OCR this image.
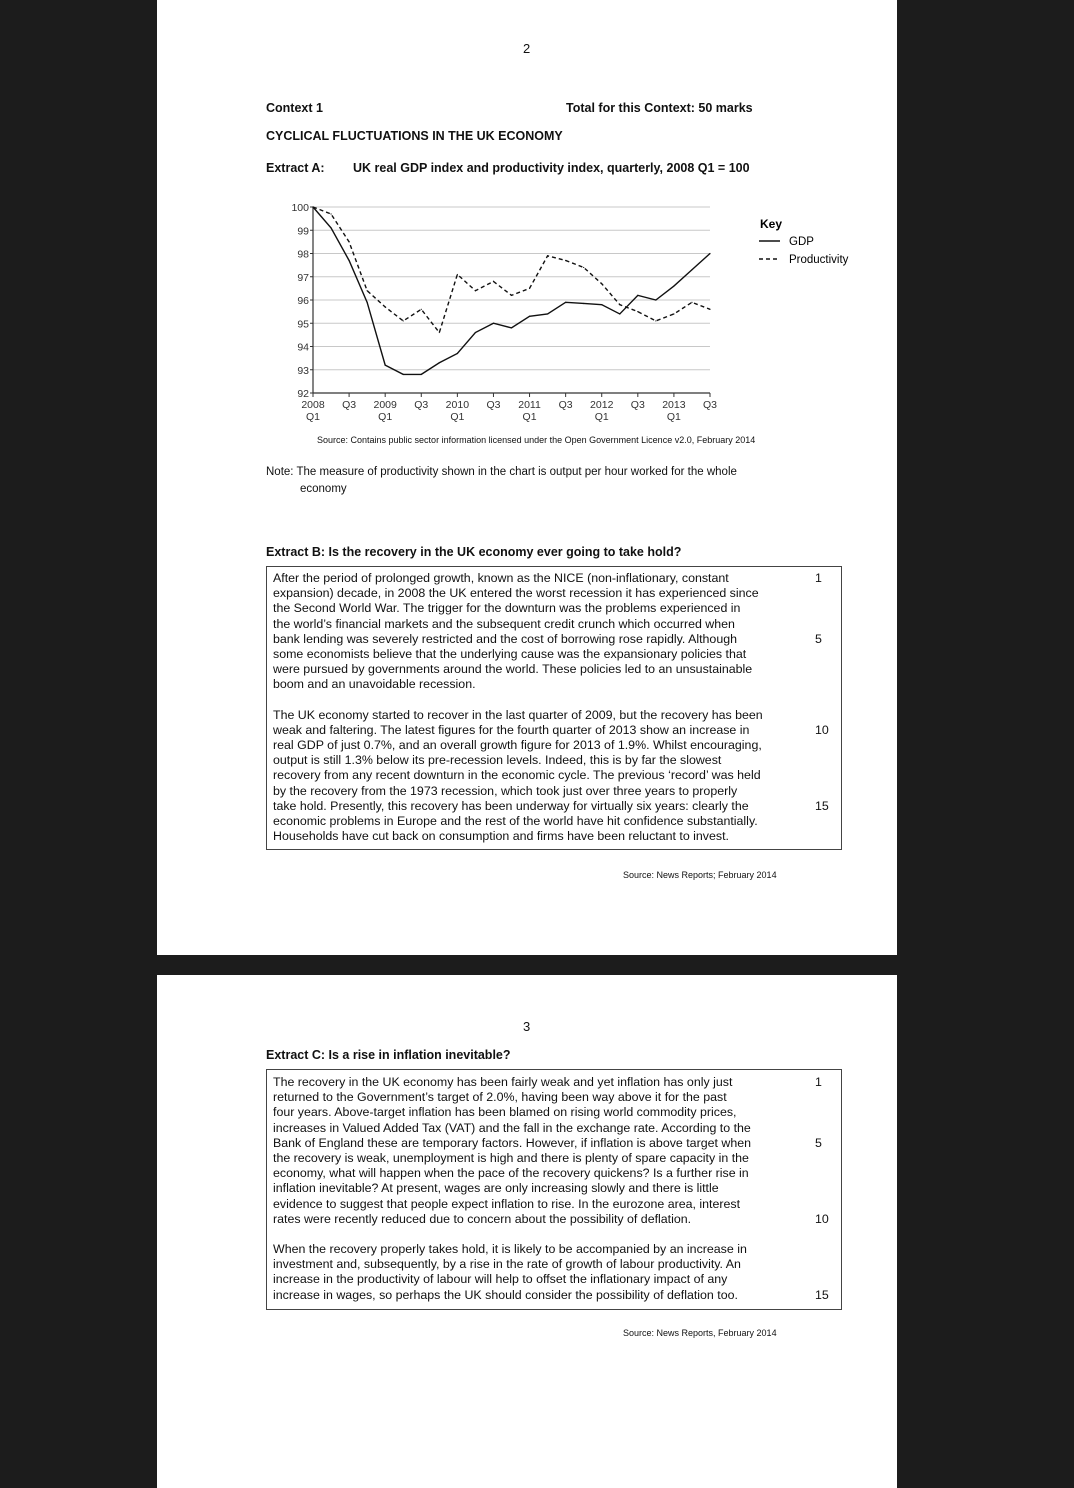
2
Context 1	Total for this Context: 50 marks
CYCLICAL FLUCTUATIONS IN THE UK ECONOMY
Extract A: UK real GDP index and productivity index, quarterly, 2008 Q1 = 100
92
93
94
95
96
97
98
99
100
2008
Q1
Q3 2009
Q1
Q3 2010
Q1
Q3 2011
Q1
Q3 2012
Q1
Q3 2013
Q1
Q3
GDP
Productivity
Key
Source: Contains public sector information licensed under the Open Government Licence v2.0, February 2014
Note: The measure of productivity shown in the chart is output per hour worked for the whole
economy
Extract B: Is the recovery in the UK economy ever going to take hold?
After the period of prolonged growth, known as the NICE (non-inflationary, constant	1
expansion) decade, in 2008 the UK entered the worst recession it has experienced since
the Second World War. The trigger for the downturn was the problems experienced in
the world’s financial markets and the subsequent credit crunch which occurred when
bank lending was severely restricted and the cost of borrowing rose rapidly. Although	5
some economists believe that the underlying cause was the expansionary policies that
were pursued by governments around the world. These policies led to an unsustainable
boom and an unavoidable recession.
The UK economy started to recover in the last quarter of 2009, but the recovery has been
weak and faltering. The latest figures for the fourth quarter of 2013 show an increase in	10
real GDP of just 0.7%, and an overall growth figure for 2013 of 1.9%. Whilst encouraging,
output is still 1.3% below its pre-recession levels. Indeed, this is by far the slowest
recovery from any recent downturn in the economic cycle. The previous ‘record’ was held
by the recovery from the 1973 recession, which took just over three years to properly
take hold. Presently, this recovery has been underway for virtually six years: clearly the	15
economic problems in Europe and the rest of the world have hit confidence substantially.
Households have cut back on consumption and firms have been reluctant to invest.
Source: News Reports; February 2014
3
Extract C: Is a rise in inflation inevitable?
The recovery in the UK economy has been fairly weak and yet inflation has only just	1
returned to the Government’s target of 2.0%, having been way above it for the past
four years. Above-target inflation has been blamed on rising world commodity prices,
increases in Valued Added Tax (VAT) and the fall in the exchange rate. According to the
Bank of England these are temporary factors. However, if inflation is above target when	5
the recovery is weak, unemployment is high and there is plenty of spare capacity in the
economy, what will happen when the pace of the recovery quickens? Is a further rise in
inflation inevitable? At present, wages are only increasing slowly and there is little
evidence to suggest that people expect inflation to rise. In the eurozone area, interest
rates were recently reduced due to concern about the possibility of deflation.	10
When the recovery properly takes hold, it is likely to be accompanied by an increase in
investment and, subsequently, by a rise in the rate of growth of labour productivity. An
increase in the productivity of labour will help to offset the inflationary impact of any
increase in wages, so perhaps the UK should consider the possibility of deflation too.	15
Source: News Reports, February 2014
